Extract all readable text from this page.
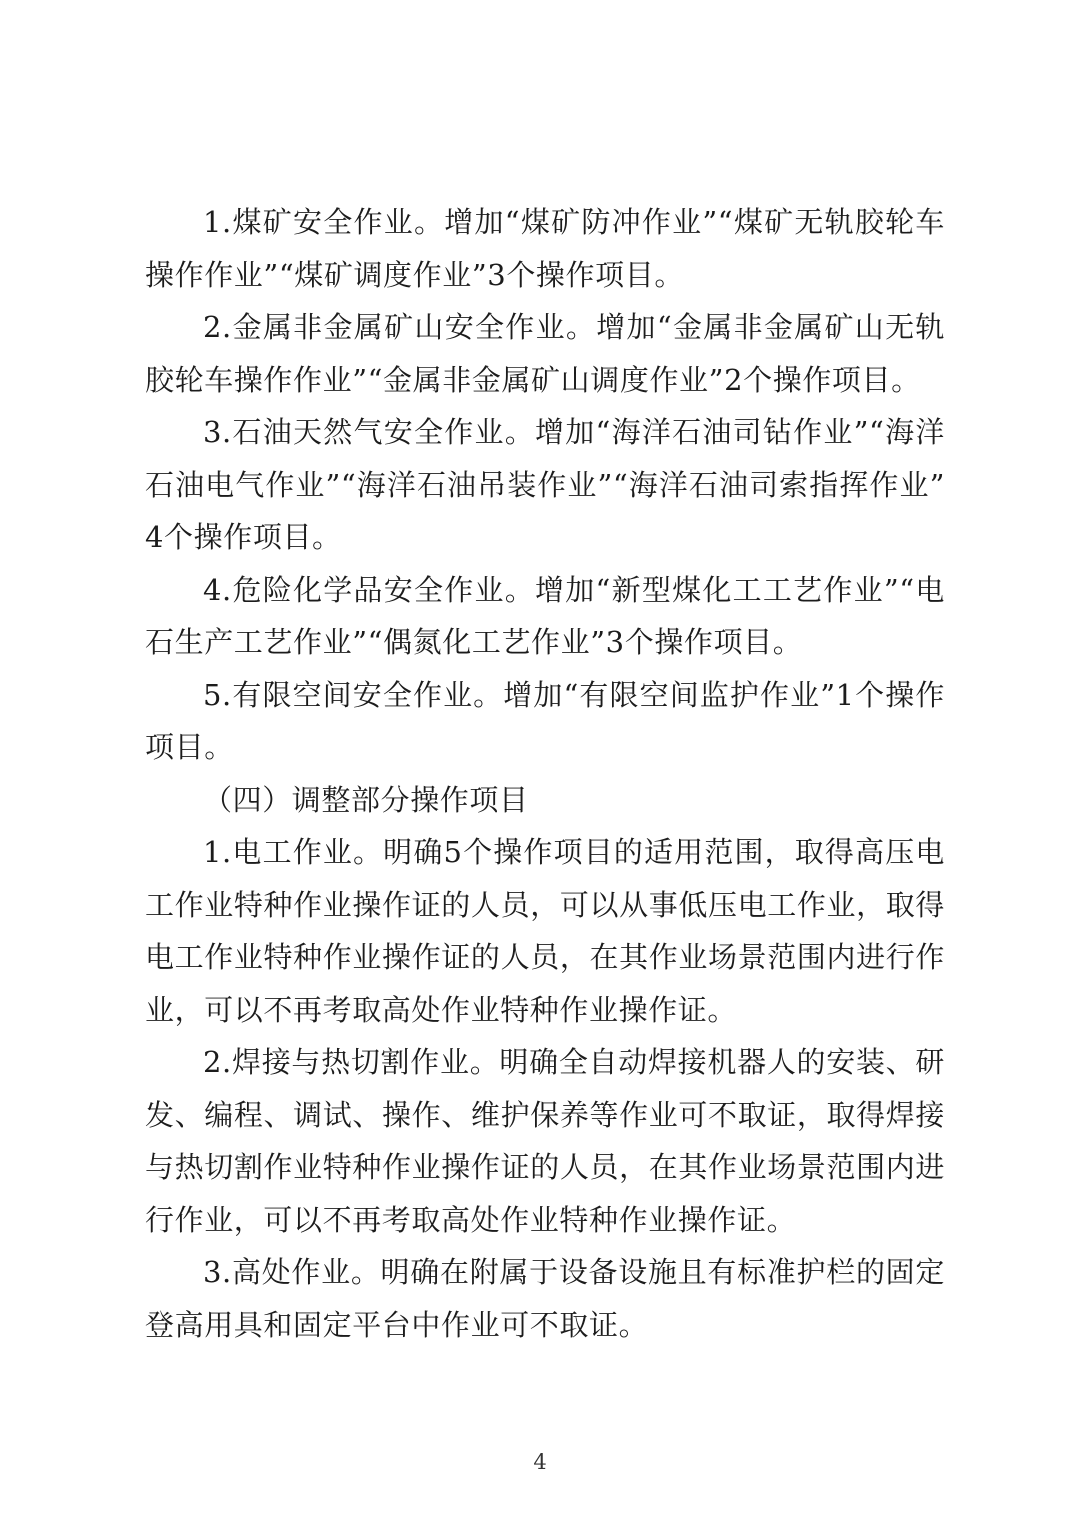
1.煤矿安全作业。增加“煤矿防冲作业”“煤矿无轨胶轮车操作作业”“煤矿调度作业”3个操作项目。

2.金属非金属矿山安全作业。增加“金属非金属矿山无轨胶轮车操作作业”“金属非金属矿山调度作业”2个操作项目。

3.石油天然气安全作业。增加“海洋石油司钻作业”“海洋石油电气作业”“海洋石油吊装作业”“海洋石油司索指挥作业”4个操作项目。

4.危险化学品安全作业。增加“新型煤化工工艺作业”“电石生产工艺作业”“偶氮化工艺作业”3个操作项目。

5.有限空间安全作业。增加“有限空间监护作业”1个操作项目。

（四）调整部分操作项目

1.电工作业。明确5个操作项目的适用范围，取得高压电工作业特种作业操作证的人员，可以从事低压电工作业，取得电工作业特种作业操作证的人员，在其作业场景范围内进行作业，可以不再考取高处作业特种作业操作证。

2.焊接与热切割作业。明确全自动焊接机器人的安装、研发、编程、调试、操作、维护保养等作业可不取证，取得焊接与热切割作业特种作业操作证的人员，在其作业场景范围内进行作业，可以不再考取高处作业特种作业操作证。

3.高处作业。明确在附属于设备设施且有标准护栏的固定登高用具和固定平台中作业可不取证。

4
